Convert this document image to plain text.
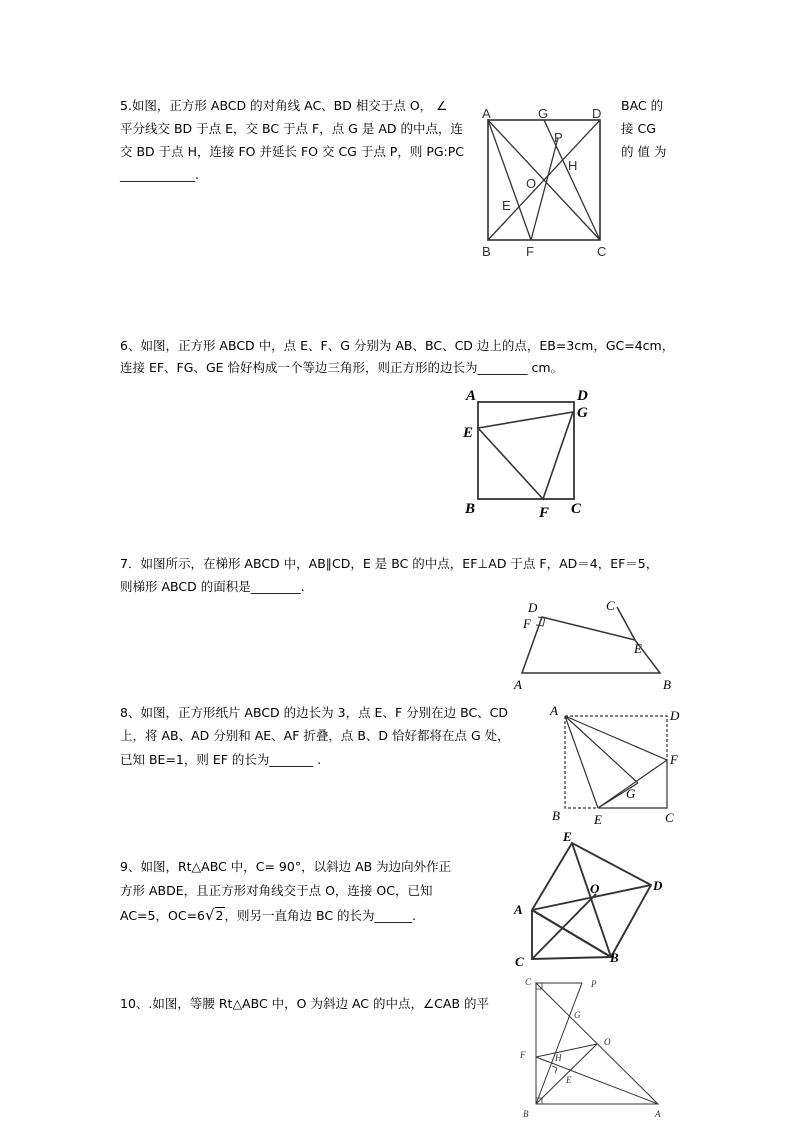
5.如图，正方形 ABCD 的对角线 AC、BD 相交于点 O， ∠	BAC 的
平分线交 BD 于点 E，交 BC 于点 F，点 G 是 AD 的中点，连	接 CG
交 BD 于点 H，连接 FO 并延长 FO 交 CG 于点 P，则 PG:PC	的 值 为
____________.
A	G	D
P
H
O
E
B	F	C
6、如图，正方形 ABCD 中，点 E、F、G 分别为 AB、BC、CD 边上的点，EB=3cm，GC=4cm，
连接 EF、FG、GE 恰好构成一个等边三角形，则正方形的边长为________ cm。
A	D
G
E
B	F C
7．如图所示，在梯形 ABCD 中，AB∥CD，E 是 BC 的中点，EF⊥AD 于点 F，AD＝4，EF＝5，
则梯形 ABCD 的面积是________.
D	C
F
E
A	B
8、如图，正方形纸片 ABCD 的边长为 3，点 E、F 分别在边 BC、CD
上，将 AB、AD 分别和 AE、AF 折叠，点 B、D 恰好都将在点 G 处，
已知 BE=1，则 EF 的长为_______ .
A	D
F
G
B	E	C
9、如图，Rt△ABC 中，C= 90°，以斜边 AB 为边向外作正
方形 ABDE，且正方形对角线交于点 O，连接 OC，已知
AC=5，OC=6√2，则另一直角边 BC 的长为______.
E
O	D
A
C	B
10、.如图，等腰 Rt△ABC 中，O 为斜边 AC 的中点，∠CAB 的平
C	P
G
O
F	H
E
B	A
